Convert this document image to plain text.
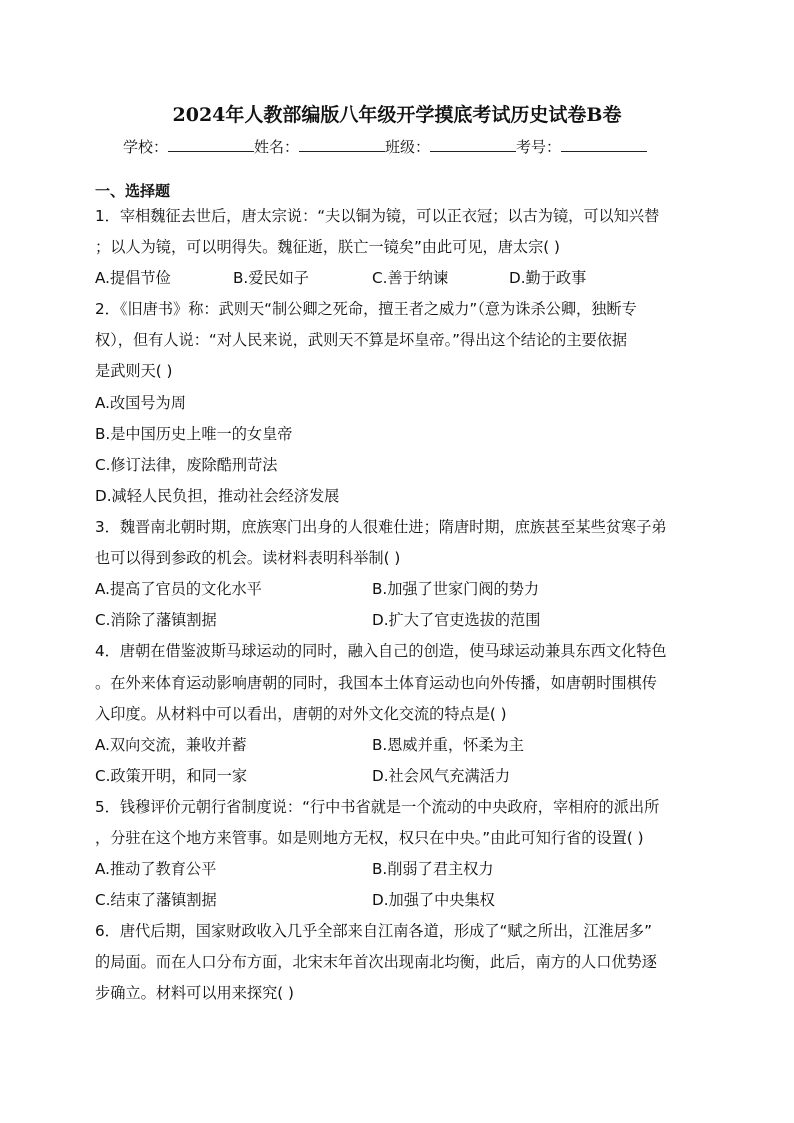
2024年人教部编版八年级开学摸底考试历史试卷B卷
学校：	姓名：	班级：	考号：
一、选择题
1．宰相魏征去世后，唐太宗说：“夫以铜为镜，可以正衣冠；以古为镜，可以知兴替
；以人为镜，可以明得失。魏征逝，朕亡一镜矣”由此可见，唐太宗( )
A.提倡节俭	B.爱民如子	C.善于纳谏	D.勤于政事
2．《旧唐书》称：武则天“制公卿之死命，擅王者之威力”（意为诛杀公卿，独断专
权），但有人说：“对人民来说，武则天不算是坏皇帝。”得出这个结论的主要依据
是武则天( )
A.改国号为周
B.是中国历史上唯一的女皇帝
C.修订法律，废除酷刑苛法
D.减轻人民负担，推动社会经济发展
3．魏晋南北朝时期，庶族寒门出身的人很难仕进；隋唐时期，庶族甚至某些贫寒子弟
也可以得到参政的机会。读材料表明科举制( )
A.提高了官员的文化水平	B.加强了世家门阀的势力
C.消除了藩镇割据	D.扩大了官吏选拔的范围
4．唐朝在借鉴波斯马球运动的同时，融入自己的创造，使马球运动兼具东西文化特色
。在外来体育运动影响唐朝的同时，我国本土体育运动也向外传播，如唐朝时围棋传
入印度。从材料中可以看出，唐朝的对外文化交流的特点是( )
A.双向交流，兼收并蓄	B.恩威并重，怀柔为主
C.政策开明，和同一家	D.社会风气充满活力
5．钱穆评价元朝行省制度说：“行中书省就是一个流动的中央政府，宰相府的派出所
，分驻在这个地方来管事。如是则地方无权，权只在中央。”由此可知行省的设置( )
A.推动了教育公平	B.削弱了君主权力
C.结束了藩镇割据	D.加强了中央集权
6．唐代后期，国家财政收入几乎全部来自江南各道，形成了“赋之所出，江淮居多”
的局面。而在人口分布方面，北宋末年首次出现南北均衡，此后，南方的人口优势逐
步确立。材料可以用来探究( )
